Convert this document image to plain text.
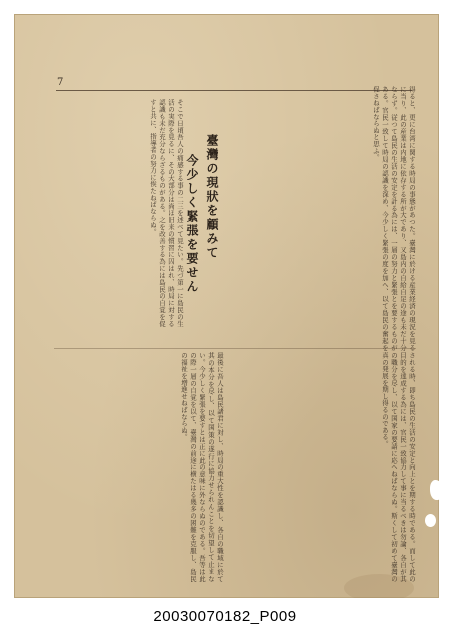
7
得ると、更に台湾に関する時局の事態があつた。臺灣に於ける産業経済の現況を見るに当り、此の産業は内地に依存する所が大であり、又島内の自給自足の途も未だ十分ならず。従つて島民の生活の安定を計る為には、一層の努力と緊張とを要するものがある。官民一致して時局の認識を深め、今少しく緊張の度を加へ、以て島民の奮起を促さねばならぬと思ふ。
臺灣の現狀を顧みて
今少しく緊張を要せん
そこで日頃吾人の痛感する事の二三を述べて見たい。先づ第一に島民の生活の実際を見るに、その大部分は尚ほ旧来の慣習に囚はれ、時局に対する認識も未だ充分ならざるものがある。之を改善する為には島民の自覚を促すと共に、指導者の努力に俟たねばならぬ。
される時、即ち島民の生活の安定と向上とを期する時である。而して此の目的を達成する為には、官民一致協力して事に当るべきは勿論、各自が其の職分を尽し、以て国家の要請に応へねばならぬ。斯くして初めて臺灣の真の発展を期し得るのである。
最後に吾人は島民諸君に対し、時局の重大性を認識し、各自の職域に於て其の本分を尽し、以て国策の遂行に協力せられんことを切望して止まない。今少しく緊張を要すとは正に此の意味に外ならぬのである。吾等は此の際一層の自覚を以て、臺灣の前途に横たはる幾多の困難を克服し、島民の福祉を増進せねばならぬ。
20030070182_P009
